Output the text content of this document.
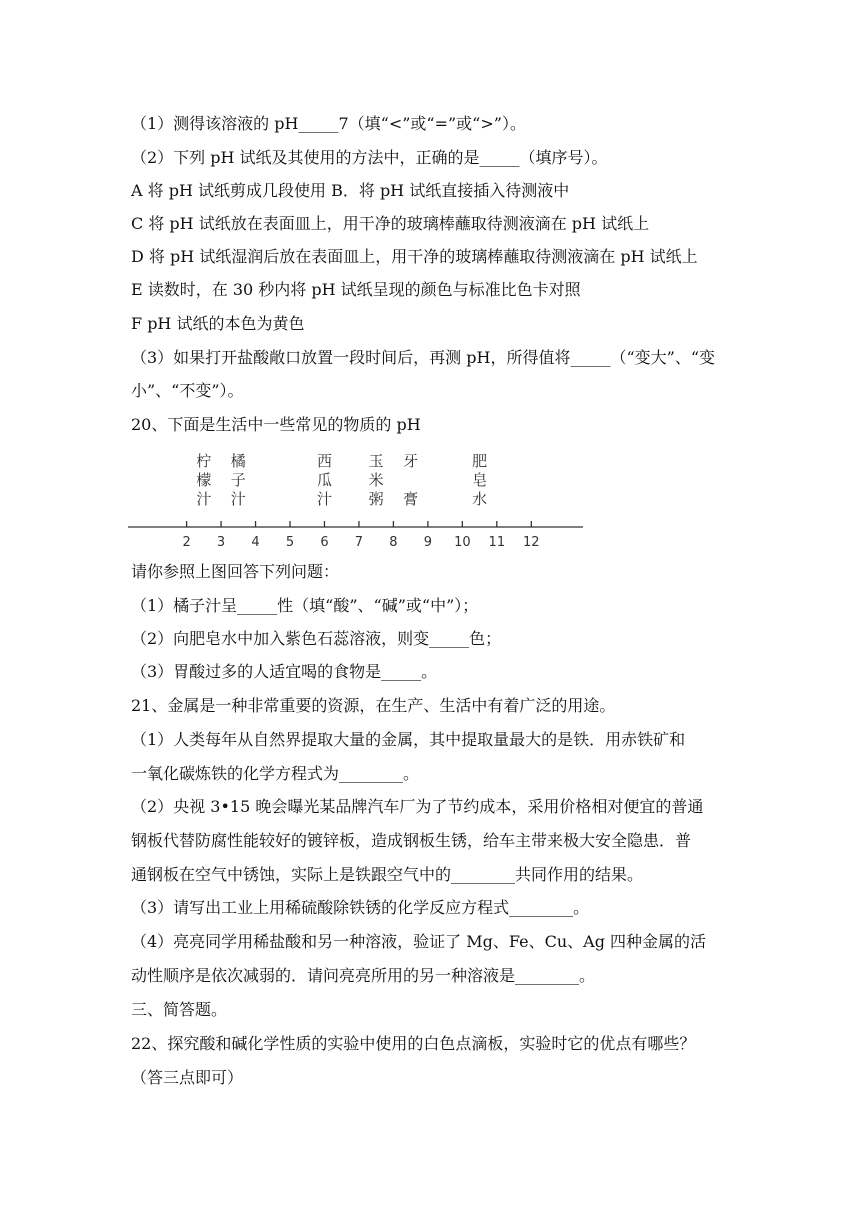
（1）测得该溶液的 pH_____7（填“<”或“=”或“>”）。
（2）下列 pH 试纸及其使用的方法中，正确的是_____（填序号）。
A 将 pH 试纸剪成几段使用 B．将 pH 试纸直接插入待测液中
C 将 pH 试纸放在表面皿上，用干净的玻璃棒蘸取待测液滴在 pH 试纸上
D 将 pH 试纸湿润后放在表面皿上，用干净的玻璃棒蘸取待测液滴在 pH 试纸上
E 读数时，在 30 秒内将 pH 试纸呈现的颜色与标准比色卡对照
F pH 试纸的本色为黄色
（3）如果打开盐酸敞口放置一段时间后，再测 pH，所得值将_____（“变大”、“变
小”、“不变”）。
20、下面是生活中一些常见的物质的 pH
2 3 4 5 6 7 8 9 10 11 12
柠
檬
汁
橘
子
汁
西
瓜
汁
玉
米
粥
牙
膏
肥
皂
水
请你参照上图回答下列问题：
（1）橘子汁呈_____性（填“酸”、“碱”或“中”）；
（2）向肥皂水中加入紫色石蕊溶液，则变_____色；
（3）胃酸过多的人适宜喝的食物是_____。
21、金属是一种非常重要的资源，在生产、生活中有着广泛的用途。
（1）人类每年从自然界提取大量的金属，其中提取量最大的是铁．用赤铁矿和
一氧化碳炼铁的化学方程式为________。
（2）央视 3•15 晚会曝光某品牌汽车厂为了节约成本，采用价格相对便宜的普通
钢板代替防腐性能较好的镀锌板，造成钢板生锈，给车主带来极大安全隐患．普
通钢板在空气中锈蚀，实际上是铁跟空气中的________共同作用的结果。
（3）请写出工业上用稀硫酸除铁锈的化学反应方程式________。
（4）亮亮同学用稀盐酸和另一种溶液，验证了 Mg、Fe、Cu、Ag 四种金属的活
动性顺序是依次减弱的．请问亮亮所用的另一种溶液是________。
三、简答题。
22、探究酸和碱化学性质的实验中使用的白色点滴板，实验时它的优点有哪些？
（答三点即可）
